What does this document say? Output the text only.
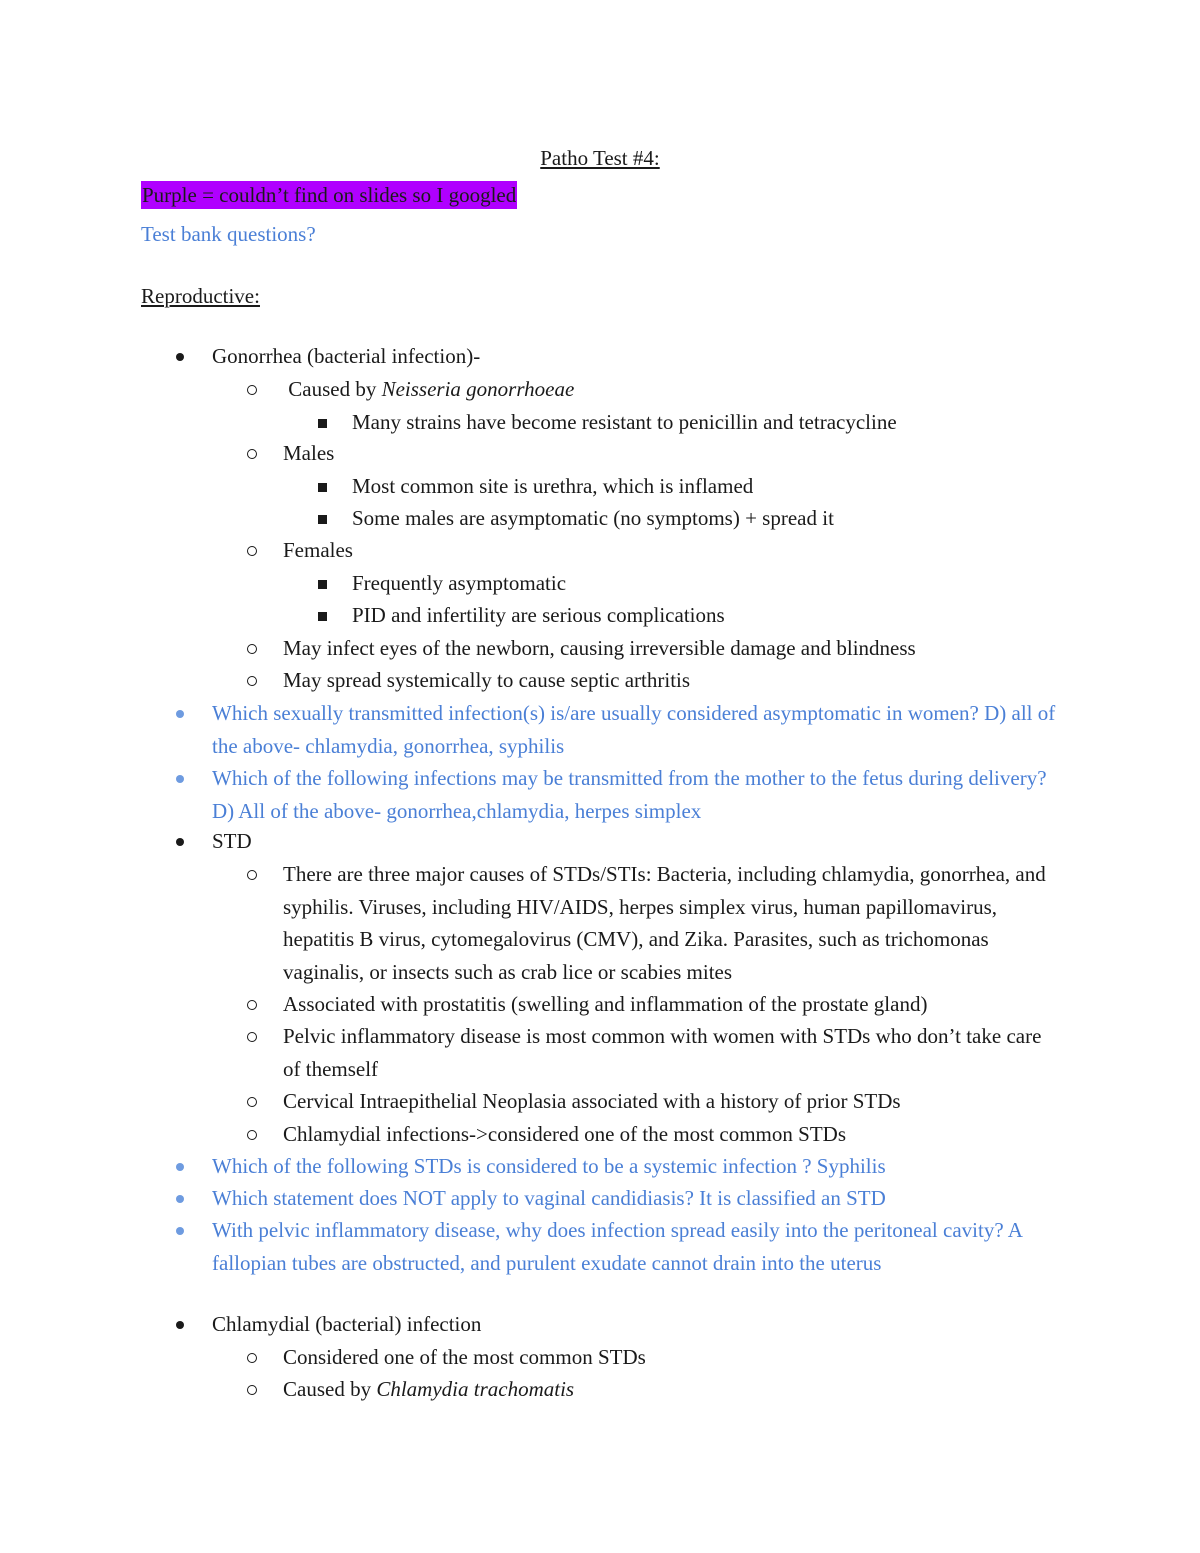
Patho Test #4:
Purple = couldn’t find on slides so I googled
Test bank questions?
Reproductive:
Gonorrhea (bacterial infection)-
Caused by Neisseria gonorrhoeae
Many strains have become resistant to penicillin and tetracycline
Males
Most common site is urethra, which is inflamed
Some males are asymptomatic (no symptoms) + spread it
Females
Frequently asymptomatic
PID and infertility are serious complications
May infect eyes of the newborn, causing irreversible damage and blindness
May spread systemically to cause septic arthritis
Which sexually transmitted infection(s) is/are usually considered asymptomatic in women? D) all of the above- chlamydia, gonorrhea, syphilis
Which of the following infections may be transmitted from the mother to the fetus during delivery? D) All of the above- gonorrhea,chlamydia, herpes simplex
STD
There are three major causes of STDs/STIs: Bacteria, including chlamydia, gonorrhea, and syphilis. Viruses, including HIV/AIDS, herpes simplex virus, human papillomavirus, hepatitis B virus, cytomegalovirus (CMV), and Zika. Parasites, such as trichomonas vaginalis, or insects such as crab lice or scabies mites
Associated with prostatitis (swelling and inflammation of the prostate gland)
Pelvic inflammatory disease is most common with women with STDs who don’t take care of themself
Cervical Intraepithelial Neoplasia associated with a history of prior STDs
Chlamydial infections->considered one of the most common STDs
Which of the following STDs is considered to be a systemic infection ? Syphilis
Which statement does NOT apply to vaginal candidiasis? It is classified an STD
With pelvic inflammatory disease, why does infection spread easily into the peritoneal cavity? A fallopian tubes are obstructed, and purulent exudate cannot drain into the uterus
Chlamydial (bacterial) infection
Considered one of the most common STDs
Caused by Chlamydia trachomatis
